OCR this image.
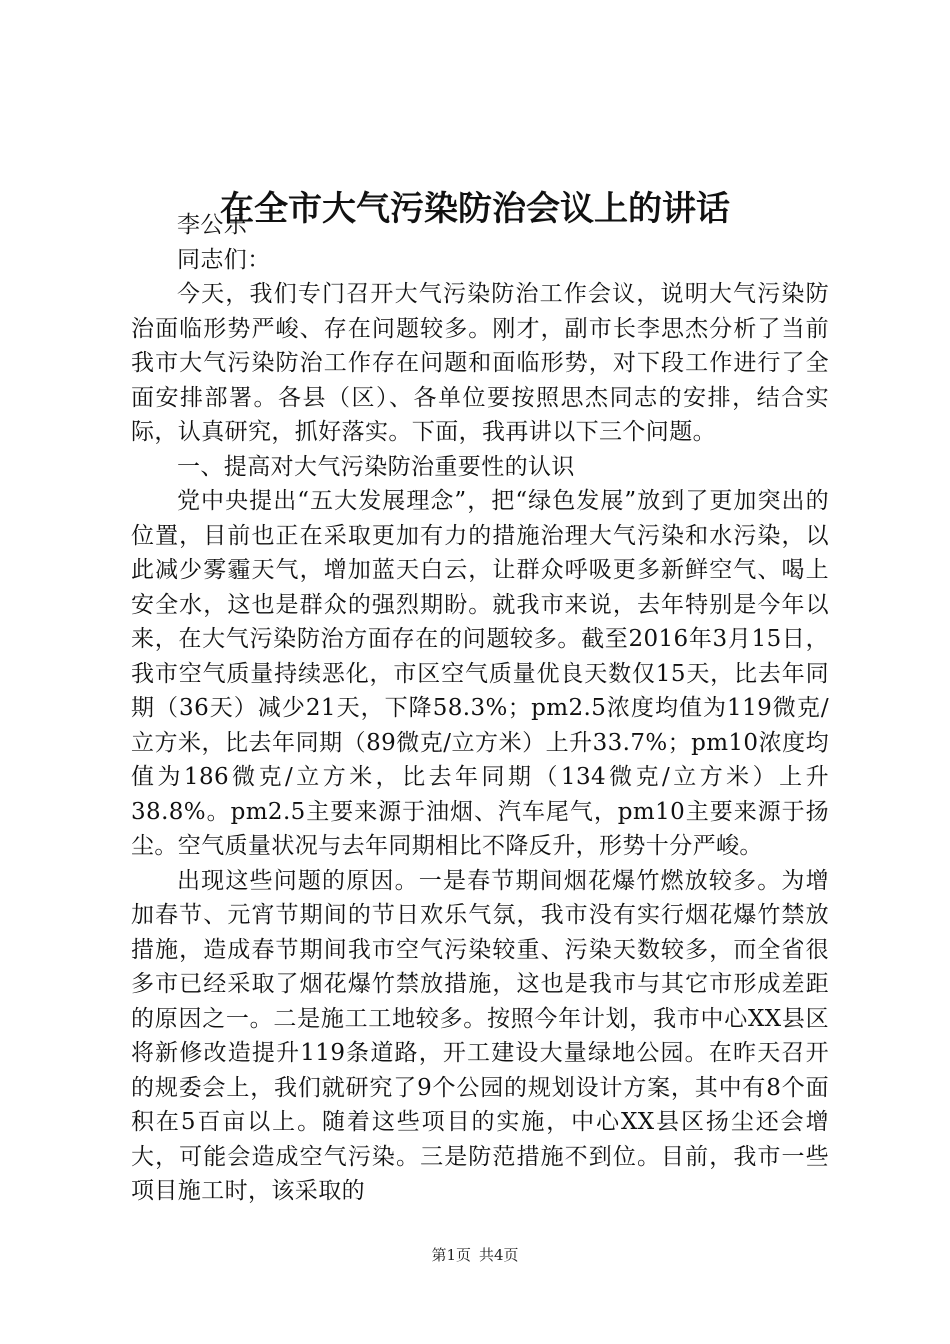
在全市大气污染防治会议上的讲话

李公乐

同志们：

今天，我们专门召开大气污染防治工作会议，说明大气污染防治面临形势严峻、存在问题较多。刚才，副市长李思杰分析了当前我市大气污染防治工作存在问题和面临形势，对下段工作进行了全面安排部署。各县（区）、各单位要按照思杰同志的安排，结合实际，认真研究，抓好落实。下面，我再讲以下三个问题。

一、提高对大气污染防治重要性的认识

党中央提出“五大发展理念”，把“绿色发展”放到了更加突出的位置，目前也正在采取更加有力的措施治理大气污染和水污染，以此减少雾霾天气，增加蓝天白云，让群众呼吸更多新鲜空气、喝上安全水，这也是群众的强烈期盼。就我市来说，去年特别是今年以来，在大气污染防治方面存在的问题较多。截至2016年3月15日，我市空气质量持续恶化，市区空气质量优良天数仅15天，比去年同期（36天）减少21天，下降58.3%；pm2.5浓度均值为119微克/立方米，比去年同期（89微克/立方米）上升33.7%；pm10浓度均值为186微克/立方米，比去年同期（134微克/立方米）上升38.8%。pm2.5主要来源于油烟、汽车尾气，pm10主要来源于扬尘。空气质量状况与去年同期相比不降反升，形势十分严峻。

出现这些问题的原因。一是春节期间烟花爆竹燃放较多。为增加春节、元宵节期间的节日欢乐气氛，我市没有实行烟花爆竹禁放措施，造成春节期间我市空气污染较重、污染天数较多，而全省很多市已经采取了烟花爆竹禁放措施，这也是我市与其它市形成差距的原因之一。二是施工工地较多。按照今年计划，我市中心XX县区将新修改造提升119条道路，开工建设大量绿地公园。在昨天召开的规委会上，我们就研究了9个公园的规划设计方案，其中有8个面积在5百亩以上。随着这些项目的实施，中心XX县区扬尘还会增大，可能会造成空气污染。三是防范措施不到位。目前，我市一些项目施工时，该采取的

第1页 共4页
